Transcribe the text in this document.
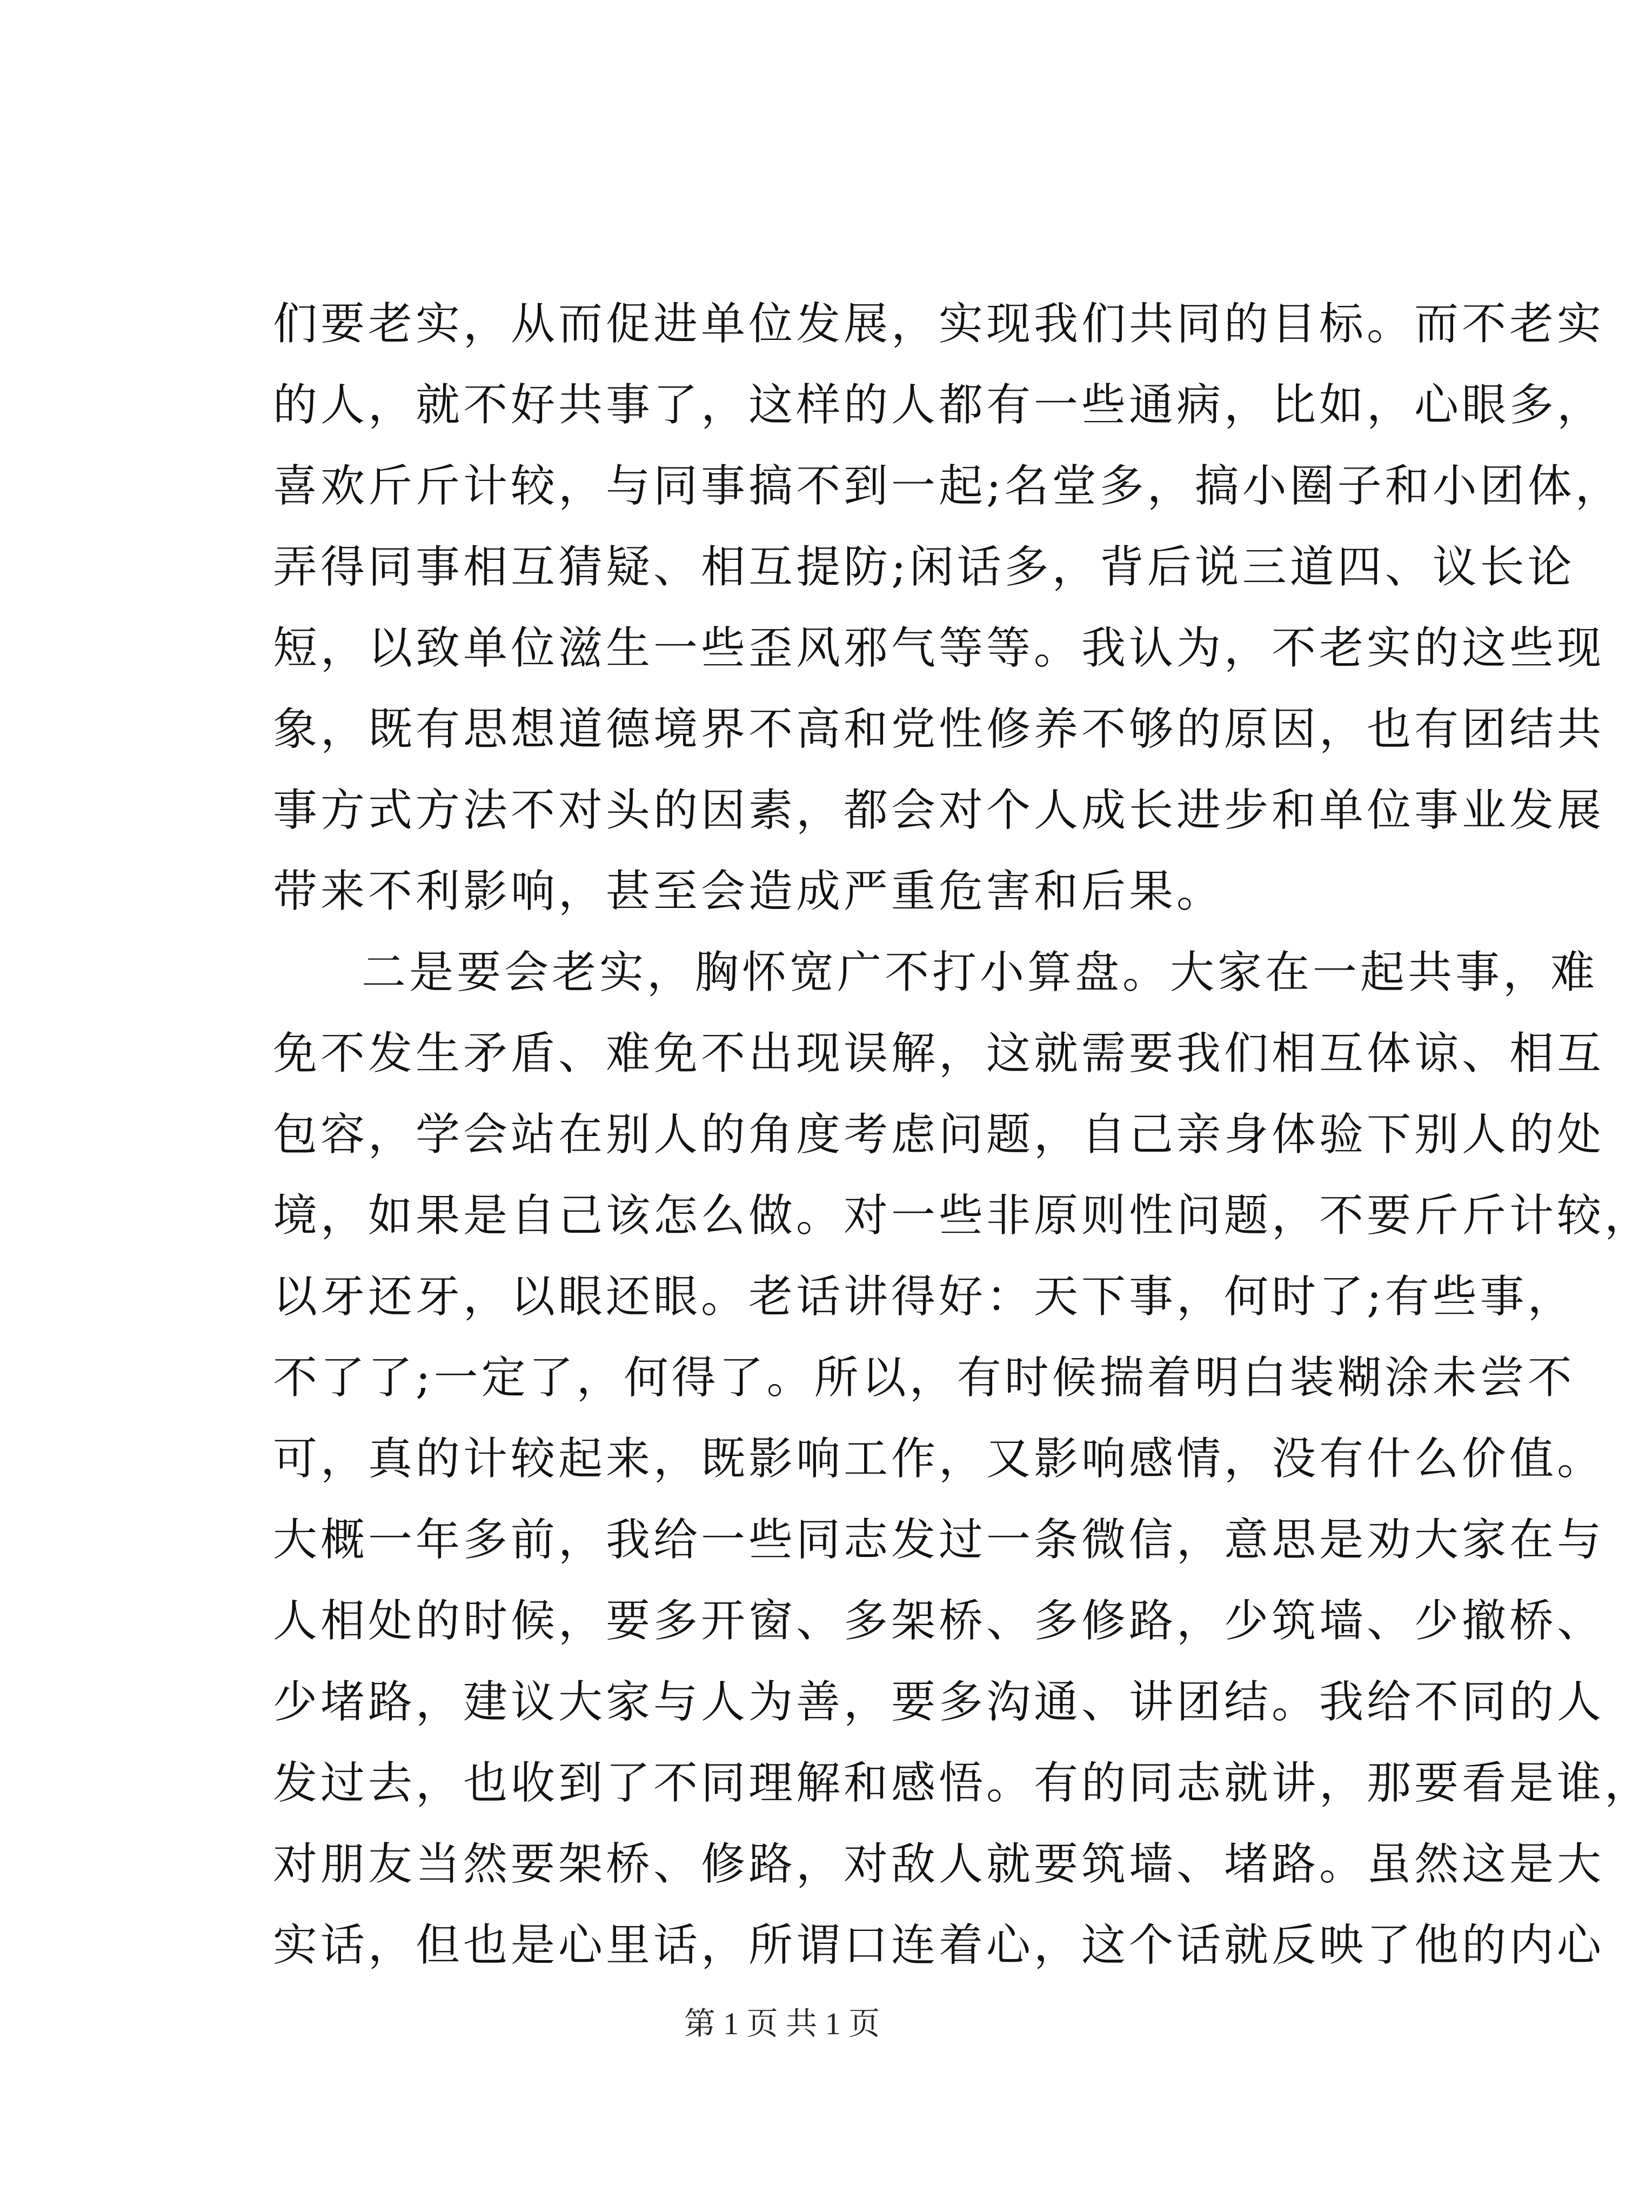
们要老实，从而促进单位发展，实现我们共同的目标。而不老实
的人，就不好共事了，这样的人都有一些通病，比如，心眼多，
喜欢斤斤计较，与同事搞不到一起;名堂多，搞小圈子和小团体，
弄得同事相互猜疑、相互提防;闲话多，背后说三道四、议长论
短，以致单位滋生一些歪风邪气等等。我认为，不老实的这些现
象，既有思想道德境界不高和党性修养不够的原因，也有团结共
事方式方法不对头的因素，都会对个人成长进步和单位事业发展
带来不利影响，甚至会造成严重危害和后果。
二是要会老实，胸怀宽广不打小算盘。大家在一起共事，难
免不发生矛盾、难免不出现误解，这就需要我们相互体谅、相互
包容，学会站在别人的角度考虑问题，自己亲身体验下别人的处
境，如果是自己该怎么做。对一些非原则性问题，不要斤斤计较，
以牙还牙，以眼还眼。老话讲得好：天下事，何时了;有些事，
不了了;一定了，何得了。所以，有时候揣着明白装糊涂未尝不
可，真的计较起来，既影响工作，又影响感情，没有什么价值。
大概一年多前，我给一些同志发过一条微信，意思是劝大家在与
人相处的时候，要多开窗、多架桥、多修路，少筑墙、少撤桥、
少堵路，建议大家与人为善，要多沟通、讲团结。我给不同的人
发过去，也收到了不同理解和感悟。有的同志就讲，那要看是谁，
对朋友当然要架桥、修路，对敌人就要筑墙、堵路。虽然这是大
实话，但也是心里话，所谓口连着心，这个话就反映了他的内心
第 1 页 共 1 页
